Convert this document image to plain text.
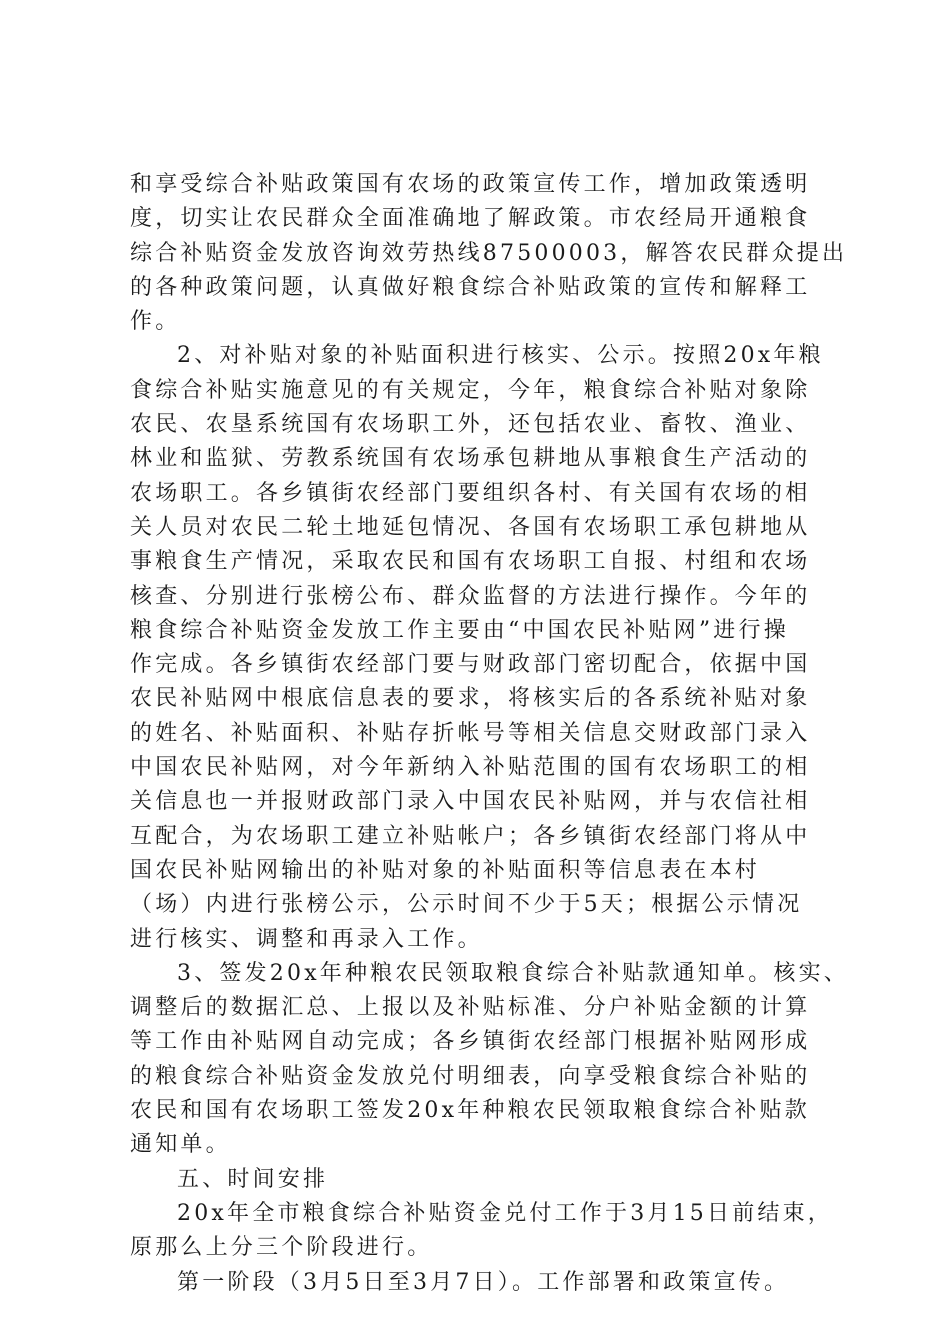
和享受综合补贴政策国有农场的政策宣传工作，增加政策透明
度，切实让农民群众全面准确地了解政策。市农经局开通粮食
综合补贴资金发放咨询效劳热线87500003，解答农民群众提出
的各种政策问题，认真做好粮食综合补贴政策的宣传和解释工
作。
2、对补贴对象的补贴面积进行核实、公示。按照20x年粮
食综合补贴实施意见的有关规定，今年，粮食综合补贴对象除
农民、农垦系统国有农场职工外，还包括农业、畜牧、渔业、
林业和监狱、劳教系统国有农场承包耕地从事粮食生产活动的
农场职工。各乡镇街农经部门要组织各村、有关国有农场的相
关人员对农民二轮土地延包情况、各国有农场职工承包耕地从
事粮食生产情况，采取农民和国有农场职工自报、村组和农场
核查、分别进行张榜公布、群众监督的方法进行操作。今年的
粮食综合补贴资金发放工作主要由“中国农民补贴网”进行操
作完成。各乡镇街农经部门要与财政部门密切配合，依据中国
农民补贴网中根底信息表的要求，将核实后的各系统补贴对象
的姓名、补贴面积、补贴存折帐号等相关信息交财政部门录入
中国农民补贴网，对今年新纳入补贴范围的国有农场职工的相
关信息也一并报财政部门录入中国农民补贴网，并与农信社相
互配合，为农场职工建立补贴帐户；各乡镇街农经部门将从中
国农民补贴网输出的补贴对象的补贴面积等信息表在本村
（场）内进行张榜公示，公示时间不少于5天；根据公示情况
进行核实、调整和再录入工作。
3、签发20x年种粮农民领取粮食综合补贴款通知单。核实、
调整后的数据汇总、上报以及补贴标准、分户补贴金额的计算
等工作由补贴网自动完成；各乡镇街农经部门根据补贴网形成
的粮食综合补贴资金发放兑付明细表，向享受粮食综合补贴的
农民和国有农场职工签发20x年种粮农民领取粮食综合补贴款
通知单。
五、时间安排
20x年全市粮食综合补贴资金兑付工作于3月15日前结束，
原那么上分三个阶段进行。
第一阶段（3月5日至3月7日）。工作部署和政策宣传。
